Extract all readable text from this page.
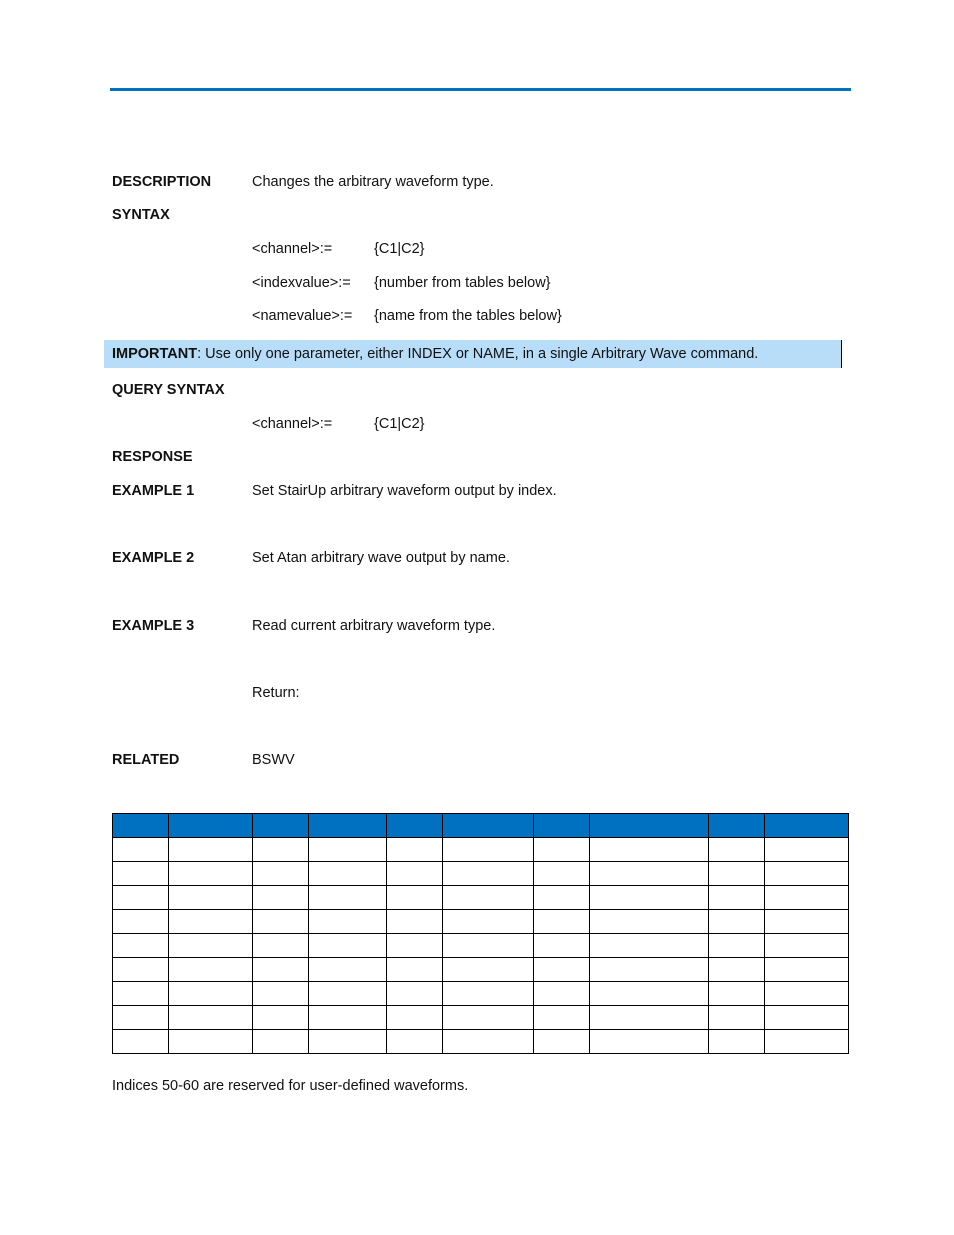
DESCRIPTION	Changes the arbitrary waveform type.
SYNTAX
<channel>:=	{C1|C2}
<indexvalue>:= {number from tables below}
<namevalue>:= {name from the tables below}
IMPORTANT: Use only one parameter, either INDEX or NAME, in a single Arbitrary Wave command.
QUERY SYNTAX
<channel>:=	{C1|C2}
RESPONSE
EXAMPLE 1	Set StairUp arbitrary waveform output by index.
EXAMPLE 2	Set Atan arbitrary wave output by name.
EXAMPLE 3	Read current arbitrary waveform type.
Return:
RELATED	BSWV

Indices 50-60 are reserved for user-defined waveforms.
